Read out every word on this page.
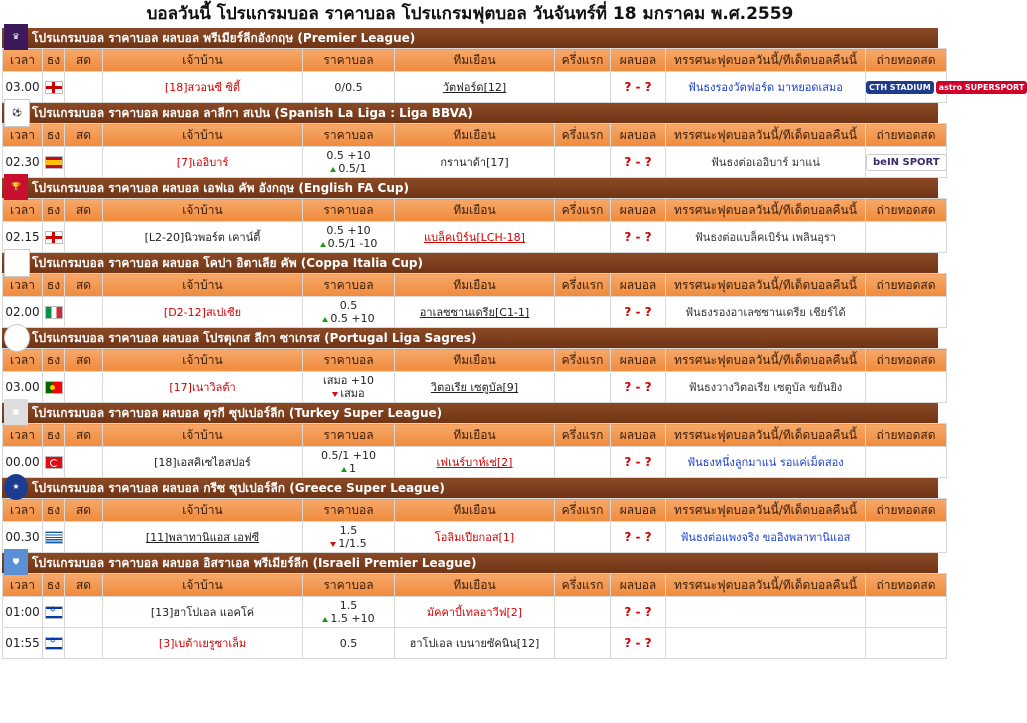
บอลวันนี้ โปรแกรมบอล ราคาบอล โปรแกรมฟุตบอล วันจันทร์ที่ 18 มกราคม พ.ศ.2559
♛	โปรแกรมบอล ราคาบอล ผลบอล พรีเมียร์ลีกอังกฤษ (Premier League)
เวลา	ธง	สด	เจ้าบ้าน	ราคาบอล	ทีมเยือน	ครึ่งแรก	ผลบอล	ทรรศนะฟุตบอลวันนี้/ทีเด็ดบอลคืนนี้	ถ่ายทอดสด
03.00			[18]สวอนซี ซิตี้	0/0.5	วัตฟอร์ด[12]		? - ?	ฟันธงรองวัตฟอร์ด มาหยอดเสมอ	CTH STADIUM astro SUPERSPORT
⚽ โปรแกรมบอล ราคาบอล ผลบอล ลาลีกา สเปน (Spanish La Liga : Liga BBVA)
เวลา	ธง	สด	เจ้าบ้าน	ราคาบอล	ทีมเยือน	ครึ่งแรก	ผลบอล	ทรรศนะฟุตบอลวันนี้/ทีเด็ดบอลคืนนี้	ถ่ายทอดสด
02.30			[7]เออิบาร์	0.5 +10
0.5/1	กรานาด้า[17]		? - ?	ฟันธงต่อเออิบาร์ มาแน่	beIN SPORT
🏆 โปรแกรมบอล ราคาบอล ผลบอล เอฟเอ คัพ อังกฤษ (English FA Cup)
เวลา	ธง	สด	เจ้าบ้าน	ราคาบอล	ทีมเยือน	ครึ่งแรก	ผลบอล	ทรรศนะฟุตบอลวันนี้/ทีเด็ดบอลคืนนี้	ถ่ายทอดสด
02.15			[L2-20]นิวพอร์ต เคาน์ตี้	0.5 +10
0.5/1 -10	แบล็คเบิร์น[LCH-18]		? - ?	ฟันธงต่อแบล็คเบิร์น เพลินอุรา	
✪ โปรแกรมบอล ราคาบอล ผลบอล โคปา อิตาเลีย คัพ (Coppa Italia Cup)
เวลา	ธง	สด	เจ้าบ้าน	ราคาบอล	ทีมเยือน	ครึ่งแรก	ผลบอล	ทรรศนะฟุตบอลวันนี้/ทีเด็ดบอลคืนนี้	ถ่ายทอดสด
02.00			[D2-12]สเปเซีย	0.5
0.5 +10	อาเลซซานเดรีย[C1-1]		? - ?	ฟันธงรองอาเลซซานเดรีย เชียร์ได้	
◉ โปรแกรมบอล ราคาบอล ผลบอล โปรตุเกส ลีกา ซาเกรส (Portugal Liga Sagres)
เวลา	ธง	สด	เจ้าบ้าน	ราคาบอล	ทีมเยือน	ครึ่งแรก	ผลบอล	ทรรศนะฟุตบอลวันนี้/ทีเด็ดบอลคืนนี้	ถ่ายทอดสด
03.00			[17]เนาวิลต้า	เสมอ +10
เสมอ	วิตอเรีย เซตูบัล[9]		? - ?	ฟันธงวางวิตอเรีย เซตูบัล ขยันยิง	
▣	โปรแกรมบอล ราคาบอล ผลบอล ตุรกี ซุปเปอร์ลีก (Turkey Super League)
เวลา	ธง	สด	เจ้าบ้าน	ราคาบอล	ทีมเยือน	ครึ่งแรก	ผลบอล	ทรรศนะฟุตบอลวันนี้/ทีเด็ดบอลคืนนี้	ถ่ายทอดสด
00.00			[18]เอสคิเซไฮสปอร์	0.5/1 +10
1	เฟเนร์บาห์เช่[2]		? - ?	ฟันธงหนึ่งลูกมาแน่ รอแค่เม็ดสอง	
★	โปรแกรมบอล ราคาบอล ผลบอล กรีซ ซุปเปอร์ลีก (Greece Super League)
เวลา	ธง	สด	เจ้าบ้าน	ราคาบอล	ทีมเยือน	ครึ่งแรก	ผลบอล	ทรรศนะฟุตบอลวันนี้/ทีเด็ดบอลคืนนี้	ถ่ายทอดสด
00.30			[11]พลาทานิแอส เอฟซี	1.5
1/1.5	โอลิมเปียกอส[1]		? - ?	ฟันธงต่อแพงจริง ขออิงพลาทานิแอส	
⛊	โปรแกรมบอล ราคาบอล ผลบอล อิสราเอล พรีเมียร์ลีก (Israeli Premier League)
เวลา	ธง	สด	เจ้าบ้าน	ราคาบอล	ทีมเยือน	ครึ่งแรก	ผลบอล	ทรรศนะฟุตบอลวันนี้/ทีเด็ดบอลคืนนี้	ถ่ายทอดสด
01:00	✡		[13]ฮาโปเอล แอคโค่	1.5
1.5 +10	มัคคาบี้เทลอาวีฟ[2]		? - ?		
01:55	✡		[3]เบต้าเยรูซาเล็ม	0.5	ฮาโปเอล เบนายซัคนิน[12]		? - ?		
